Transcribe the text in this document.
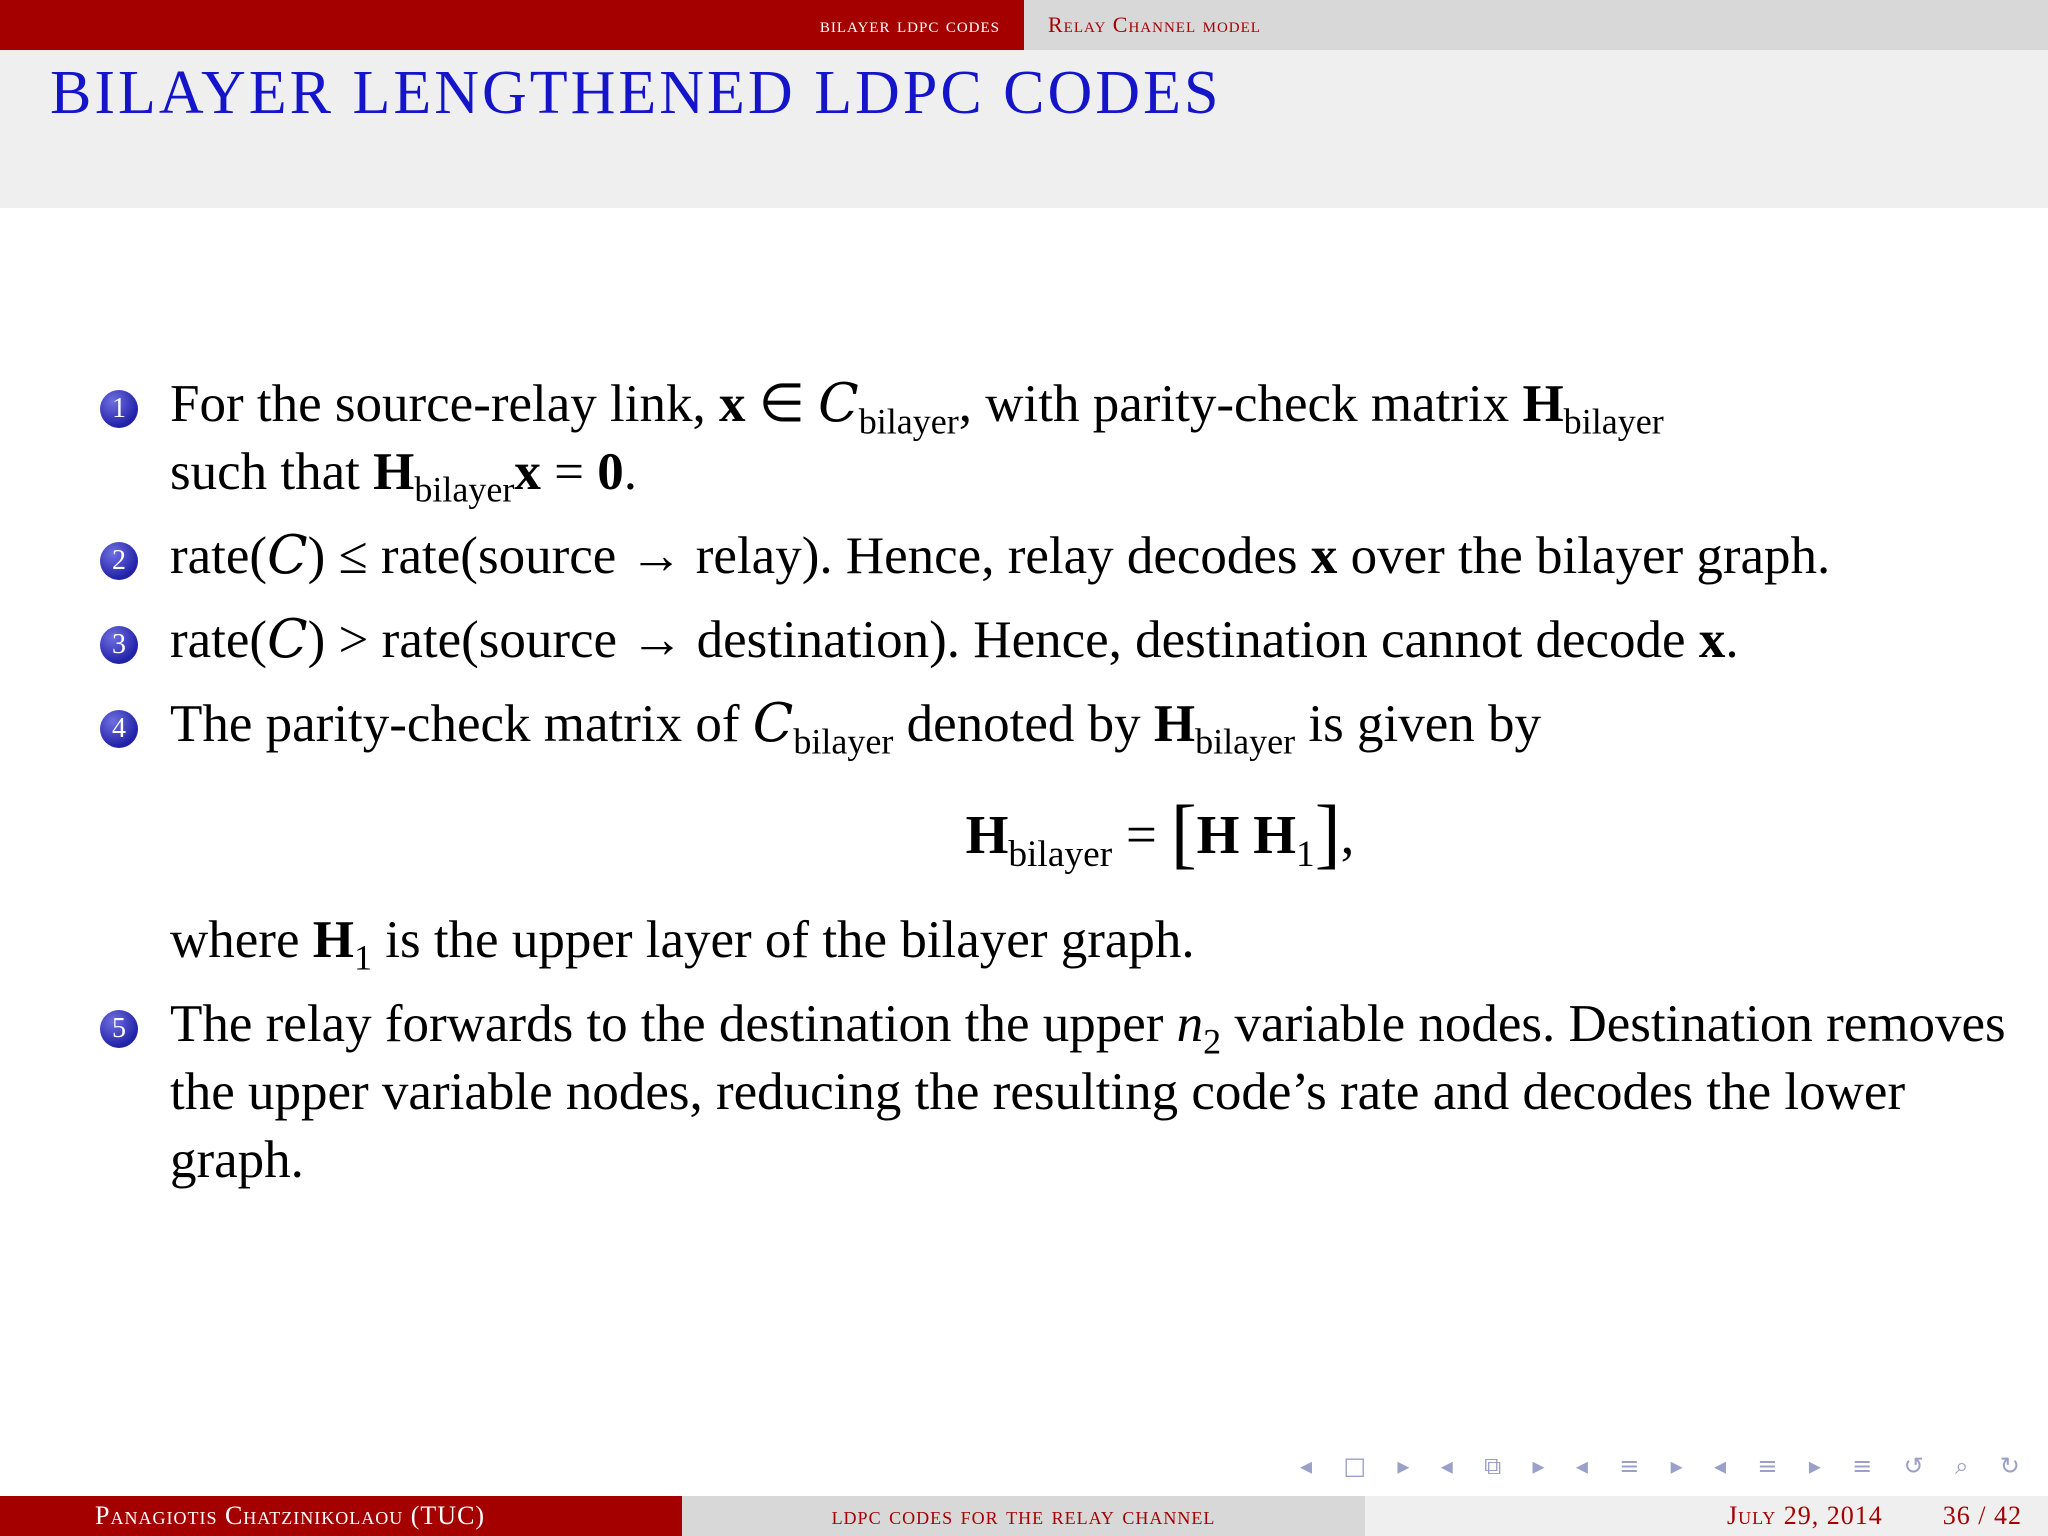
bilayer ldpc codes Relay Channel model
BILAYER LENGTHENED LDPC CODES
1 For the source-relay link, x ∈ $C_{bilayer}$, with parity-check matrix $H_{bilayer}$
such that $H_{bilayer}x = 0$.
2 rate(C) ≤ rate(source → relay). Hence, relay decodes x over the bilayer graph.
3 rate(C) > rate(source → destination). Hence, destination cannot decode x.
4 The parity-check matrix of $C_{bilayer}$ denoted by $H_{bilayer}$ is given by
$H_{bilayer} = [H$ $H_1$],
where $H_1$ is the upper layer of the bilayer graph.
5 The relay forwards to the destination the upper $n_2$ variable nodes. Destination removes the upper variable nodes, reducing the resulting code’s rate and decodes the lower graph.
◂ □ ▸ ◂ ⧉ ▸ ◂ ≡ ▸ ◂ ≡ ▸ ≡ ↺ ⌕ ↻
Panagiotis Chatzinikolaou (TUC)	ldpc codes for the relay channel	July 29, 2014 36 / 42
